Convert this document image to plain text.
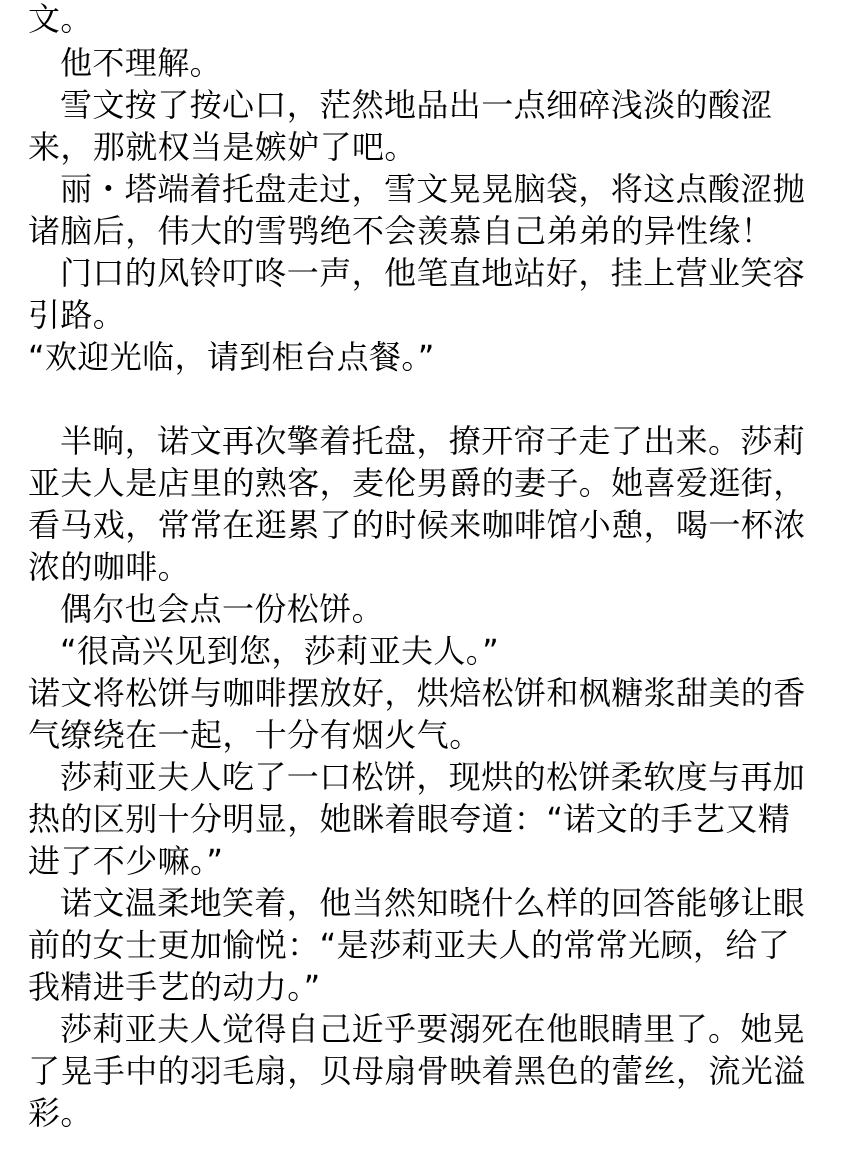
文。
他不理解。
雪文按了按心口，茫然地品出一点细碎浅淡的酸涩
来，那就权当是嫉妒了吧。
丽・塔端着托盘走过，雪文晃晃脑袋，将这点酸涩抛
诸脑后，伟大的雪鸮绝不会羡慕自己弟弟的异性缘！
门口的风铃叮咚一声，他笔直地站好，挂上营业笑容
引路。
“欢迎光临，请到柜台点餐。”
半晌，诺文再次擎着托盘，撩开帘子走了出来。莎莉
亚夫人是店里的熟客，麦伦男爵的妻子。她喜爱逛街，
看马戏，常常在逛累了的时候来咖啡馆小憩，喝一杯浓
浓的咖啡。
偶尔也会点一份松饼。
“很高兴见到您，莎莉亚夫人。”
诺文将松饼与咖啡摆放好，烘焙松饼和枫糖浆甜美的香
气缭绕在一起，十分有烟火气。
莎莉亚夫人吃了一口松饼，现烘的松饼柔软度与再加
热的区别十分明显，她眯着眼夸道：“诺文的手艺又精
进了不少嘛。”
诺文温柔地笑着，他当然知晓什么样的回答能够让眼
前的女士更加愉悦：“是莎莉亚夫人的常常光顾，给了
我精进手艺的动力。”
莎莉亚夫人觉得自己近乎要溺死在他眼睛里了。她晃
了晃手中的羽毛扇，贝母扇骨映着黑色的蕾丝，流光溢
彩。
